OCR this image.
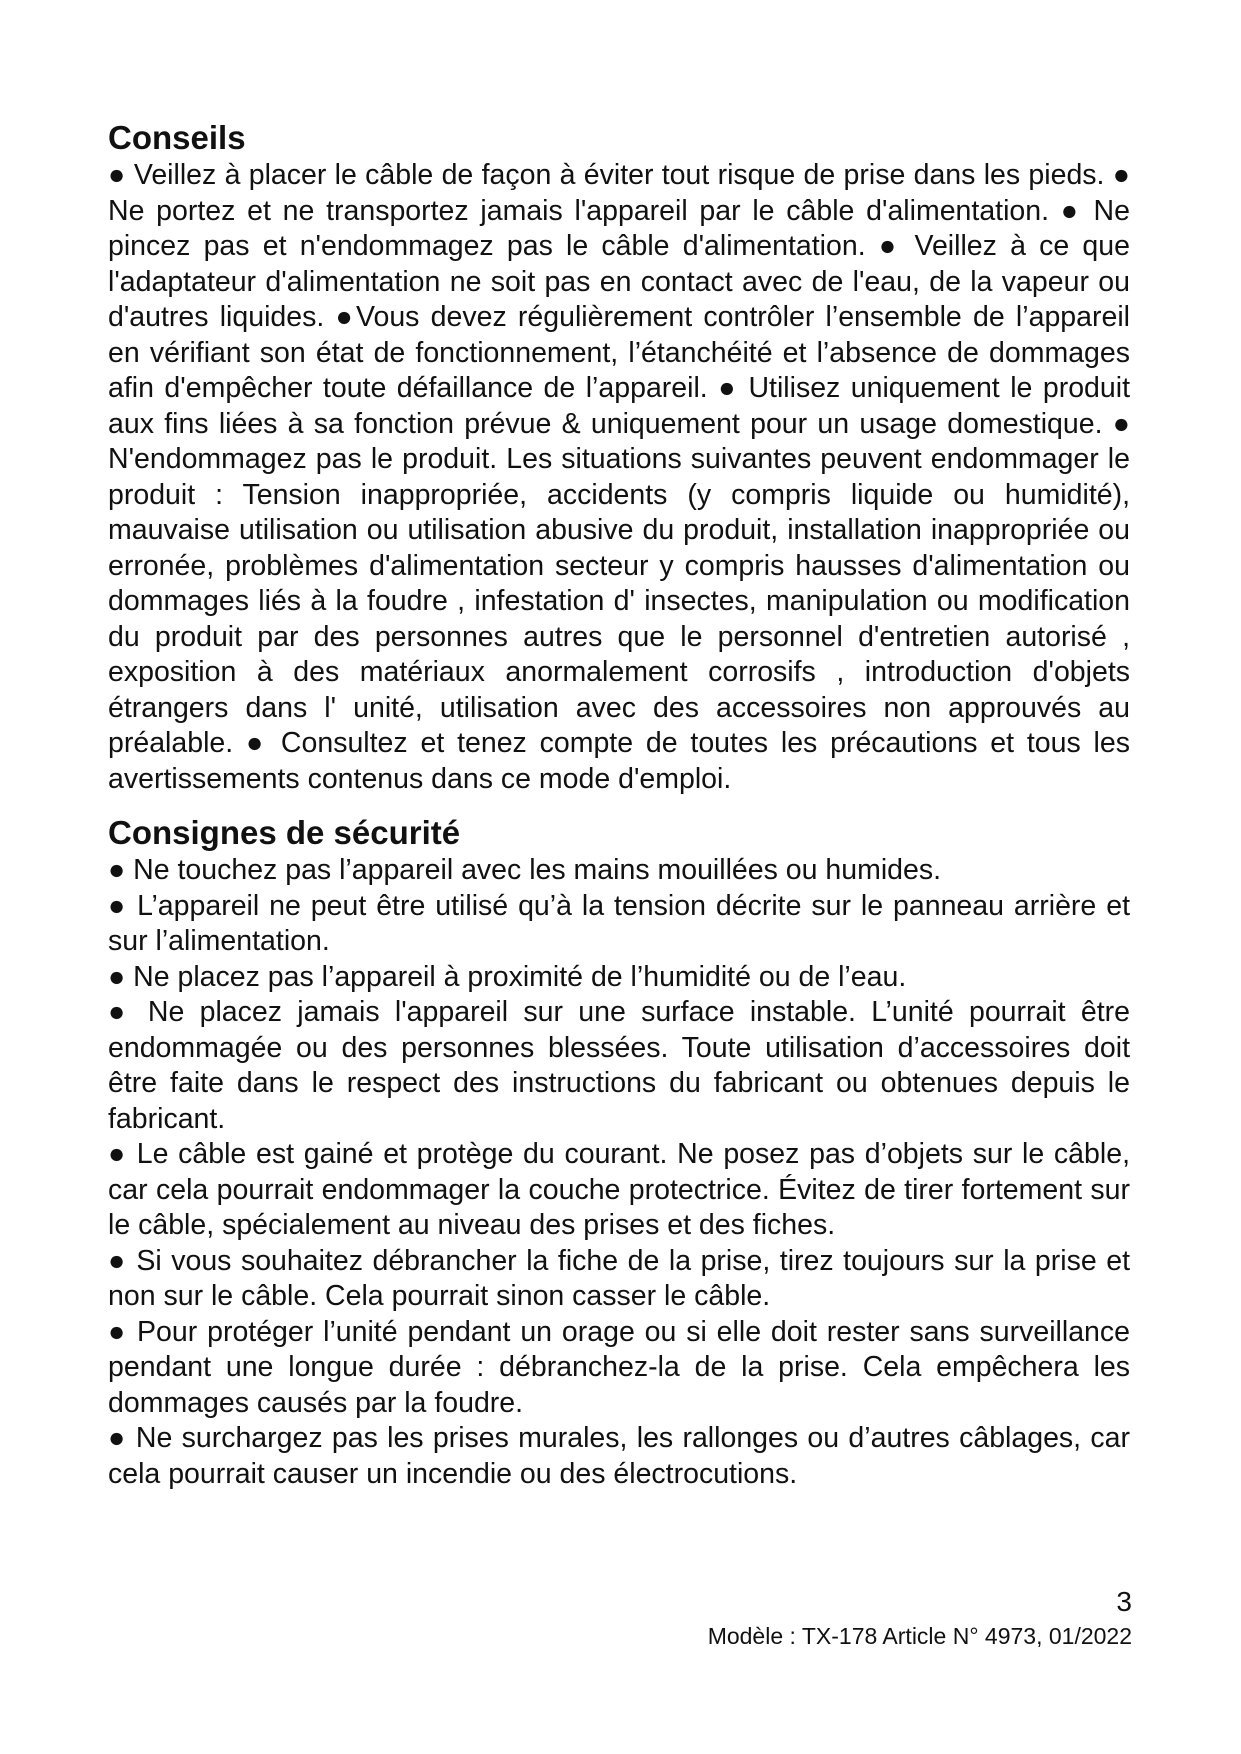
Conseils

● Veillez à placer le câble de façon à éviter tout risque de prise dans les pieds. ● Ne portez et ne transportez jamais l'appareil par le câble d'alimentation. ● Ne pincez pas et n'endommagez pas le câble d'alimentation. ● Veillez à ce que l'adaptateur d'alimentation ne soit pas en contact avec de l'eau, de la vapeur ou d'autres liquides. ●Vous devez régulièrement contrôler l’ensemble de l’appareil en vérifiant son état de fonctionnement, l’étanchéité et l’absence de dommages afin d'empêcher toute défaillance de l’appareil. ● Utilisez uniquement le produit aux fins liées à sa fonction prévue & uniquement pour un usage domestique. ● N'endommagez pas le produit. Les situations suivantes peuvent endommager le produit : Tension inappropriée, accidents (y compris liquide ou humidité), mauvaise utilisation ou utilisation abusive du produit, installation inappropriée ou erronée, problèmes d'alimentation secteur y compris hausses d'alimentation ou dommages liés à la foudre , infestation d' insectes, manipulation ou modification du produit par des personnes autres que le personnel d'entretien autorisé , exposition à des matériaux anormalement corrosifs , introduction d'objets étrangers dans l' unité, utilisation avec des accessoires non approuvés au préalable. ● Consultez et tenez compte de toutes les précautions et tous les avertissements contenus dans ce mode d'emploi.

Consignes de sécurité

● Ne touchez pas l’appareil avec les mains mouillées ou humides.

● L’appareil ne peut être utilisé qu’à la tension décrite sur le panneau arrière et sur l’alimentation.

● Ne placez pas l’appareil à proximité de l’humidité ou de l’eau.

● Ne placez jamais l'appareil sur une surface instable. L’unité pourrait être endommagée ou des personnes blessées. Toute utilisation d’accessoires doit être faite dans le respect des instructions du fabricant ou obtenues depuis le fabricant.

● Le câble est gainé et protège du courant. Ne posez pas d’objets sur le câble, car cela pourrait endommager la couche protectrice. Évitez de tirer fortement sur le câble, spécialement au niveau des prises et des fiches.

● Si vous souhaitez débrancher la fiche de la prise, tirez toujours sur la prise et non sur le câble. Cela pourrait sinon casser le câble.

● Pour protéger l’unité pendant un orage ou si elle doit rester sans surveillance pendant une longue durée : débranchez-la de la prise. Cela empêchera les dommages causés par la foudre.

● Ne surchargez pas les prises murales, les rallonges ou d’autres câblages, car cela pourrait causer un incendie ou des électrocutions.

3
Modèle : TX-178 Article N° 4973, 01/2022
